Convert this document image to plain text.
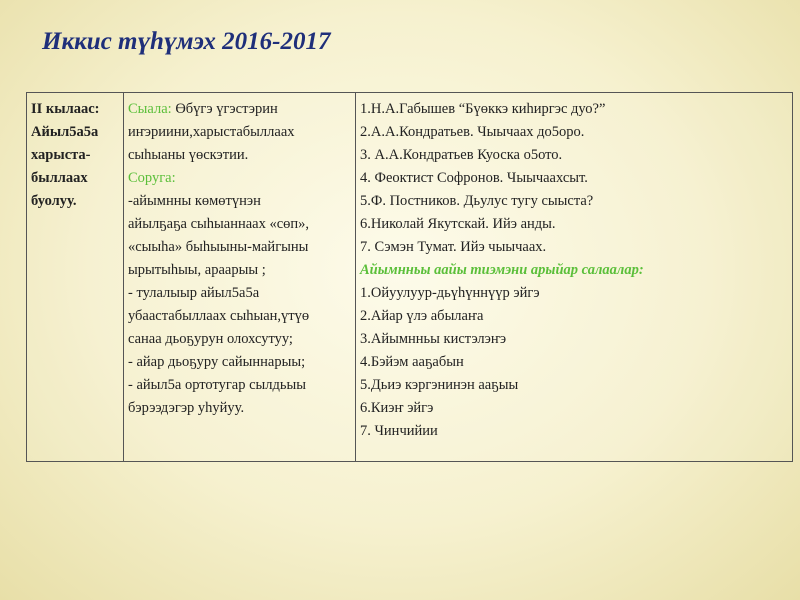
Иккис түһүмэх 2016-2017
II кылаас:
Айыл5а5а
харыста-
быллаах
буолуу.
Сыала: Өбүгэ үгэстэрин
иҥэриини,харыстабыллаах
сыһыаны үөскэтии.
Соруга:
-айымнны көмөтүнэн
айылҕаҕа сыһыаннаах «сөп»,
«сыыһа» быһыыны-майгыны
ырытыһыы, араарыы ;
- тулалыыр айыл5а5а
убаастабыллаах сыһыан,үтүө
санаа дьоҕурун олохсутуу;
- айар дьоҕуру сайыннарыы;
- айыл5а ортотугар сылдьыы
бэрээдэгэр уһуйуу.
1.Н.А.Габышев “Бүөккэ киһиргэс дуо?”
2.А.А.Кондратьев. Чыычаах до5оро.
3. А.А.Кондратьев Куоска о5ото.
4. Феоктист Софронов. Чыычаахсыт.
5.Ф. Постников. Дьулус тугу сыыста?
6.Николай Якутскай. Ийэ анды.
7. Сэмэн Тумат. Ийэ чыычаах.
Айымнньы аайы тиэмэни арыйар салаалар:
1.Ойуулуур-дьүһүннүүр эйгэ
2.Айар үлэ абылаҥа
3.Айымнньы кистэлэҥэ
4.Бэйэм ааҕабын
5.Дьиэ кэргэнинэн ааҕыы
6.Киэҥ эйгэ
7. Чинчийии
